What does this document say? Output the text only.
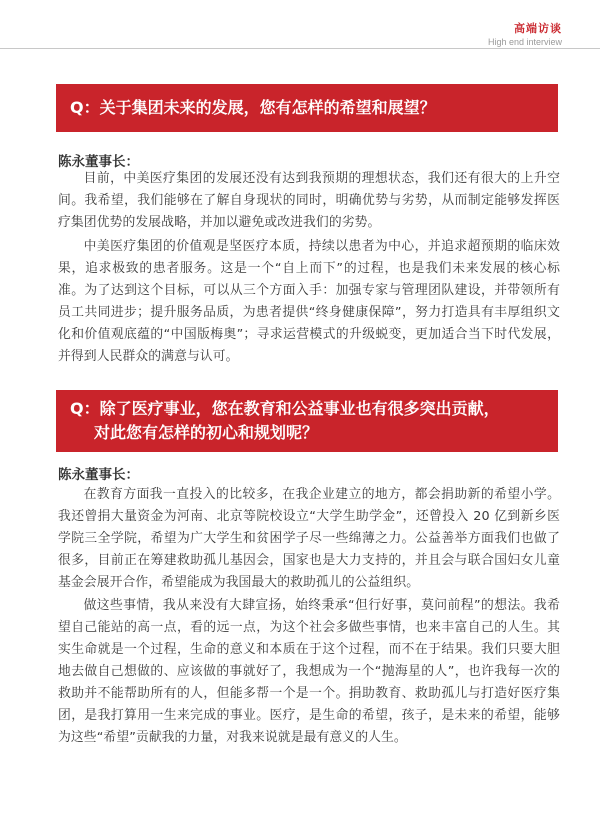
高端访谈
High end interview
Q：关于集团未来的发展，您有怎样的希望和展望？
陈永董事长：

目前，中美医疗集团的发展还没有达到我预期的理想状态，我们还有很大的上升空间。我希望，我们能够在了解自身现状的同时，明确优势与劣势，从而制定能够发挥医疗集团优势的发展战略，并加以避免或改进我们的劣势。

中美医疗集团的价值观是坚医疗本质，持续以患者为中心，并追求超预期的临床效果，追求极致的患者服务。这是一个“自上而下”的过程，也是我们未来发展的核心标准。为了达到这个目标，可以从三个方面入手：加强专家与管理团队建设，并带领所有员工共同进步；提升服务品质，为患者提供“终身健康保障”，努力打造具有丰厚组织文化和价值观底蕴的“中国版梅奥”；寻求运营模式的升级蜕变，更加适合当下时代发展，并得到人民群众的满意与认可。

Q：除了医疗事业，您在教育和公益事业也有很多突出贡献，
对此您有怎样的初心和规划呢？
陈永董事长：

在教育方面我一直投入的比较多，在我企业建立的地方，都会捐助新的希望小学。我还曾捐大量资金为河南、北京等院校设立“大学生助学金”，还曾投入 20 亿到新乡医学院三全学院，希望为广大学生和贫困学子尽一些绵薄之力。公益善举方面我们也做了很多，目前正在筹建救助孤儿基因会，国家也是大力支持的，并且会与联合国妇女儿童基金会展开合作，希望能成为我国最大的救助孤儿的公益组织。

做这些事情，我从来没有大肆宣扬，始终秉承“但行好事，莫问前程”的想法。我希望自己能站的高一点，看的远一点，为这个社会多做些事情，也来丰富自己的人生。其实生命就是一个过程，生命的意义和本质在于这个过程，而不在于结果。我们只要大胆地去做自己想做的、应该做的事就好了，我想成为一个“抛海星的人”，也许我每一次的救助并不能帮助所有的人，但能多帮一个是一个。捐助教育、救助孤儿与打造好医疗集团，是我打算用一生来完成的事业。医疗，是生命的希望，孩子，是未来的希望，能够为这些“希望”贡献我的力量，对我来说就是最有意义的人生。
